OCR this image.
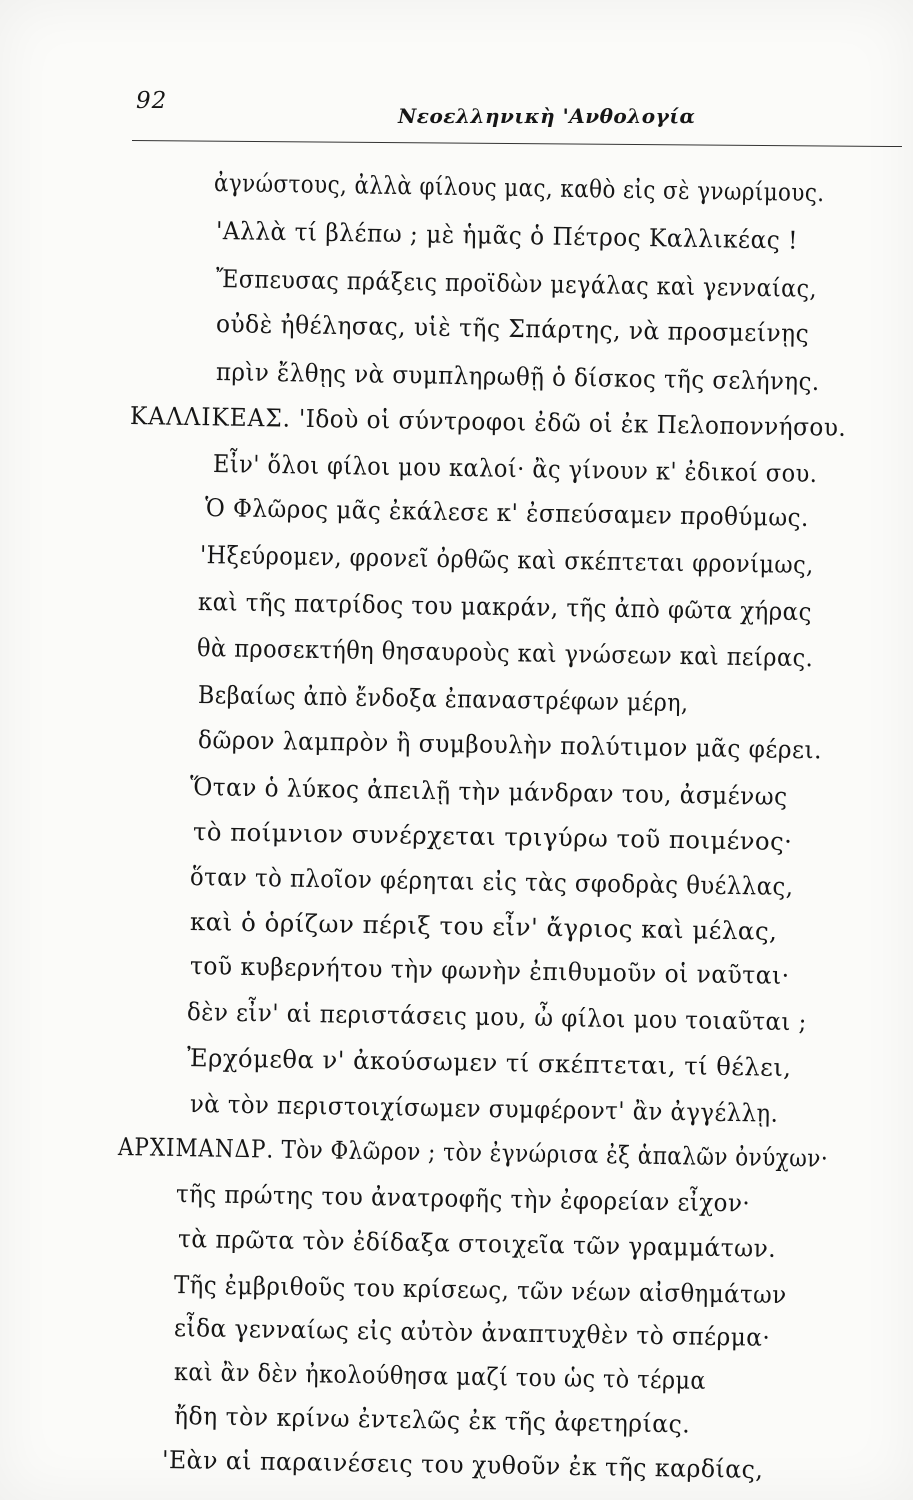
92
Νεοελληνικὴ 'Ανθολογία
ἀγνώστους, ἀλλὰ φίλους μας, καθὸ εἰς σὲ γνωρίμους.
'Αλλὰ τί βλέπω ; μὲ ἡμᾶς ὁ Πέτρος Καλλικέας !
Ἔσπευσας πράξεις προϊδὼν μεγάλας καὶ γενναίας,
οὐδὲ ἠθέλησας, υἱὲ τῆς Σπάρτης, νὰ προσμείνῃς
πρὶν ἔλθῃς νὰ συμπληρωθῇ ὁ δίσκος τῆς σελήνης.
ΚΑΛΛΙΚΕΑΣ. 'Ιδοὺ οἱ σύντροφοι ἐδῶ οἱ ἐκ Πελοποννήσου.
Εἶν' ὅλοι φίλοι μου καλοί· ἂς γίνουν κ' ἐδικοί σου.
Ὁ Φλῶρος μᾶς ἐκάλεσε κ' ἐσπεύσαμεν προθύμως.
'Ηξεύρομεν, φρονεῖ ὀρθῶς καὶ σκέπτεται φρονίμως,
καὶ τῆς πατρίδος του μακράν, τῆς ἀπὸ φῶτα χήρας
θὰ προσεκτήθη θησαυροὺς καὶ γνώσεων καὶ πείρας.
Βεβαίως ἀπὸ ἔνδοξα ἐπαναστρέφων μέρη,
δῶρον λαμπρὸν ἢ συμβουλὴν πολύτιμον μᾶς φέρει.
Ὅταν ὁ λύκος ἀπειλῇ τὴν μάνδραν του, ἀσμένως
τὸ ποίμνιον συνέρχεται τριγύρω τοῦ ποιμένος·
ὅταν τὸ πλοῖον φέρηται εἰς τὰς σφοδρὰς θυέλλας,
καὶ ὁ ὁρίζων πέριξ του εἶν' ἄγριος καὶ μέλας,
τοῦ κυβερνήτου τὴν φωνὴν ἐπιθυμοῦν οἱ ναῦται·
δὲν εἶν' αἱ περιστάσεις μου, ὦ φίλοι μου τοιαῦται ;
Ἐρχόμεθα ν' ἀκούσωμεν τί σκέπτεται, τί θέλει,
νὰ τὸν περιστοιχίσωμεν συμφέροντ' ἂν ἀγγέλλῃ.
ΑΡΧΙΜΑΝΔΡ. Τὸν Φλῶρον ; τὸν ἐγνώρισα ἐξ ἁπαλῶν ὀνύχων·
τῆς πρώτης του ἀνατροφῆς τὴν ἐφορείαν εἶχον·
τὰ πρῶτα τὸν ἐδίδαξα στοιχεῖα τῶν γραμμάτων.
Τῆς ἐμβριθοῦς του κρίσεως, τῶν νέων αἰσθημάτων
εἶδα γενναίως εἰς αὐτὸν ἀναπτυχθὲν τὸ σπέρμα·
καὶ ἂν δὲν ἠκολούθησα μαζί του ὡς τὸ τέρμα
ἤδη τὸν κρίνω ἐντελῶς ἐκ τῆς ἀφετηρίας.
'Εὰν αἱ παραινέσεις του χυθοῦν ἐκ τῆς καρδίας,
